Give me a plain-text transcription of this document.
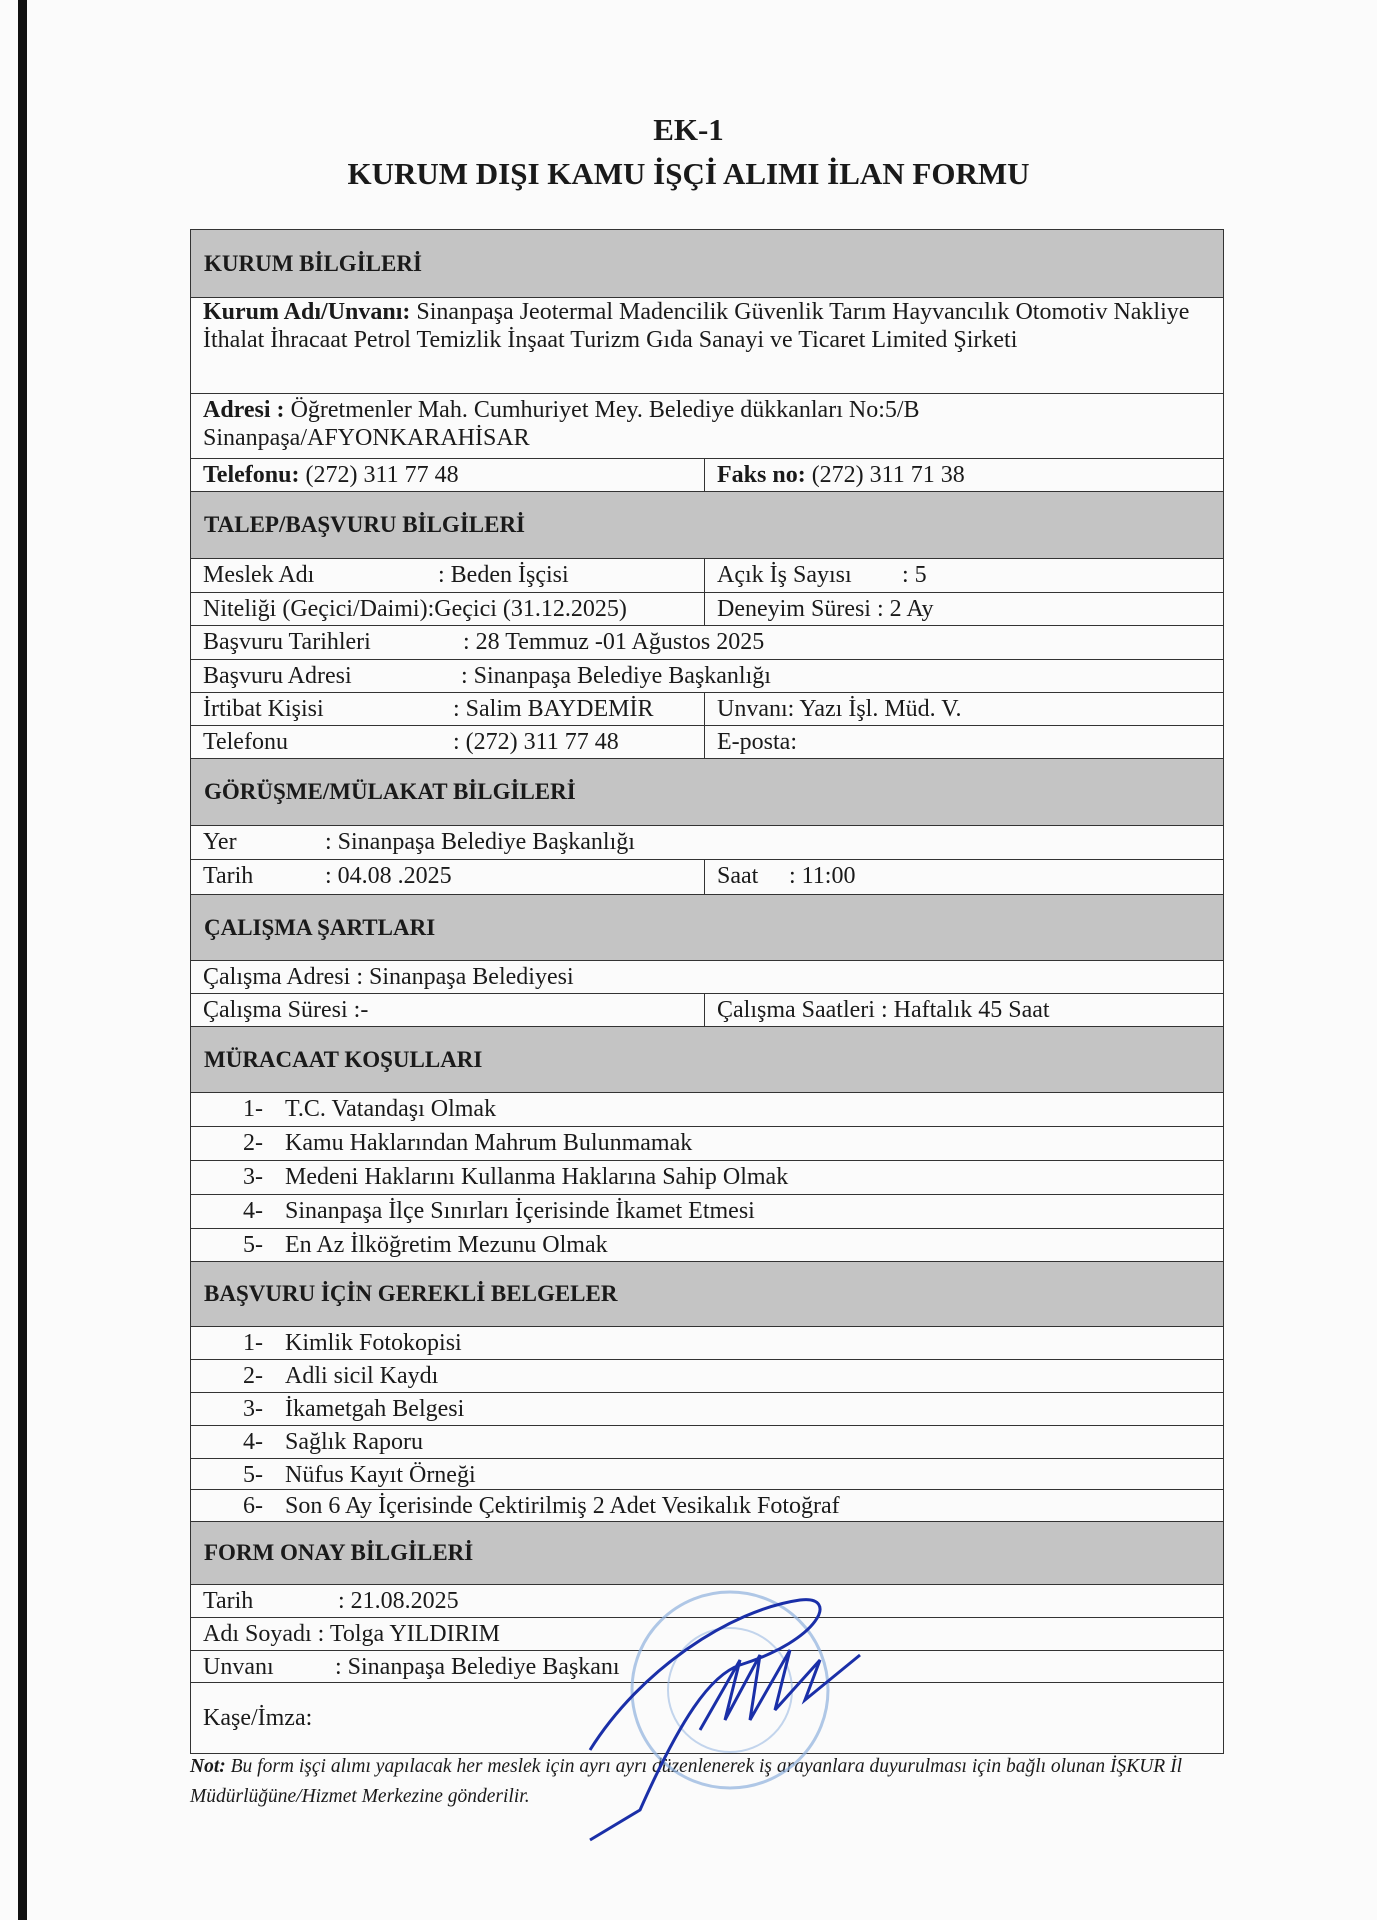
EK-1
KURUM DIŞI KAMU İŞÇİ ALIMI İLAN FORMU
KURUM BİLGİLERİ
Kurum Adı/Unvanı: Sinanpaşa Jeotermal Madencilik Güvenlik Tarım Hayvancılık Otomotiv Nakliye İthalat İhracaat Petrol Temizlik İnşaat Turizm Gıda Sanayi ve Ticaret Limited Şirketi
Adresi : Öğretmenler Mah. Cumhuriyet Mey. Belediye dükkanları No:5/B Sinanpaşa/AFYONKARAHİSAR
Telefonu: (272) 311 77 48	Faks no: (272) 311 71 38
TALEP/BAŞVURU BİLGİLERİ
Meslek Adı	: Beden İşçisi	Açık İş Sayısı : 5
Niteliği (Geçici/Daimi):Geçici (31.12.2025)	Deneyim Süresi : 2 Ay
Başvuru Tarihleri	: 28 Temmuz -01 Ağustos 2025
Başvuru Adresi	: Sinanpaşa Belediye Başkanlığı
İrtibat Kişisi	: Salim BAYDEMİR	Unvanı: Yazı İşl. Müd. V.
Telefonu	: (272) 311 77 48	E-posta:
GÖRÜŞME/MÜLAKAT BİLGİLERİ
Yer	: Sinanpaşa Belediye Başkanlığı
Tarih	: 04.08 .2025	Saat : 11:00
ÇALIŞMA ŞARTLARI
Çalışma Adresi : Sinanpaşa Belediyesi
Çalışma Süresi :-	Çalışma Saatleri : Haftalık 45 Saat
MÜRACAAT KOŞULLARI
1- T.C. Vatandaşı Olmak
2- Kamu Haklarından Mahrum Bulunmamak
3- Medeni Haklarını Kullanma Haklarına Sahip Olmak
4- Sinanpaşa İlçe Sınırları İçerisinde İkamet Etmesi
5- En Az İlköğretim Mezunu Olmak
BAŞVURU İÇİN GEREKLİ BELGELER
1- Kimlik Fotokopisi
2- Adli sicil Kaydı
3- İkametgah Belgesi
4- Sağlık Raporu
5- Nüfus Kayıt Örneği
6- Son 6 Ay İçerisinde Çektirilmiş 2 Adet Vesikalık Fotoğraf
FORM ONAY BİLGİLERİ
Tarih	: 21.08.2025
Adı Soyadı : Tolga YILDIRIM
Unvanı	: Sinanpaşa Belediye Başkanı
Kaşe/İmza:
Not: Bu form işçi alımı yapılacak her meslek için ayrı ayrı düzenlenerek iş arayanlara duyurulması için bağlı olunan İŞKUR İl Müdürlüğüne/Hizmet Merkezine gönderilir.
